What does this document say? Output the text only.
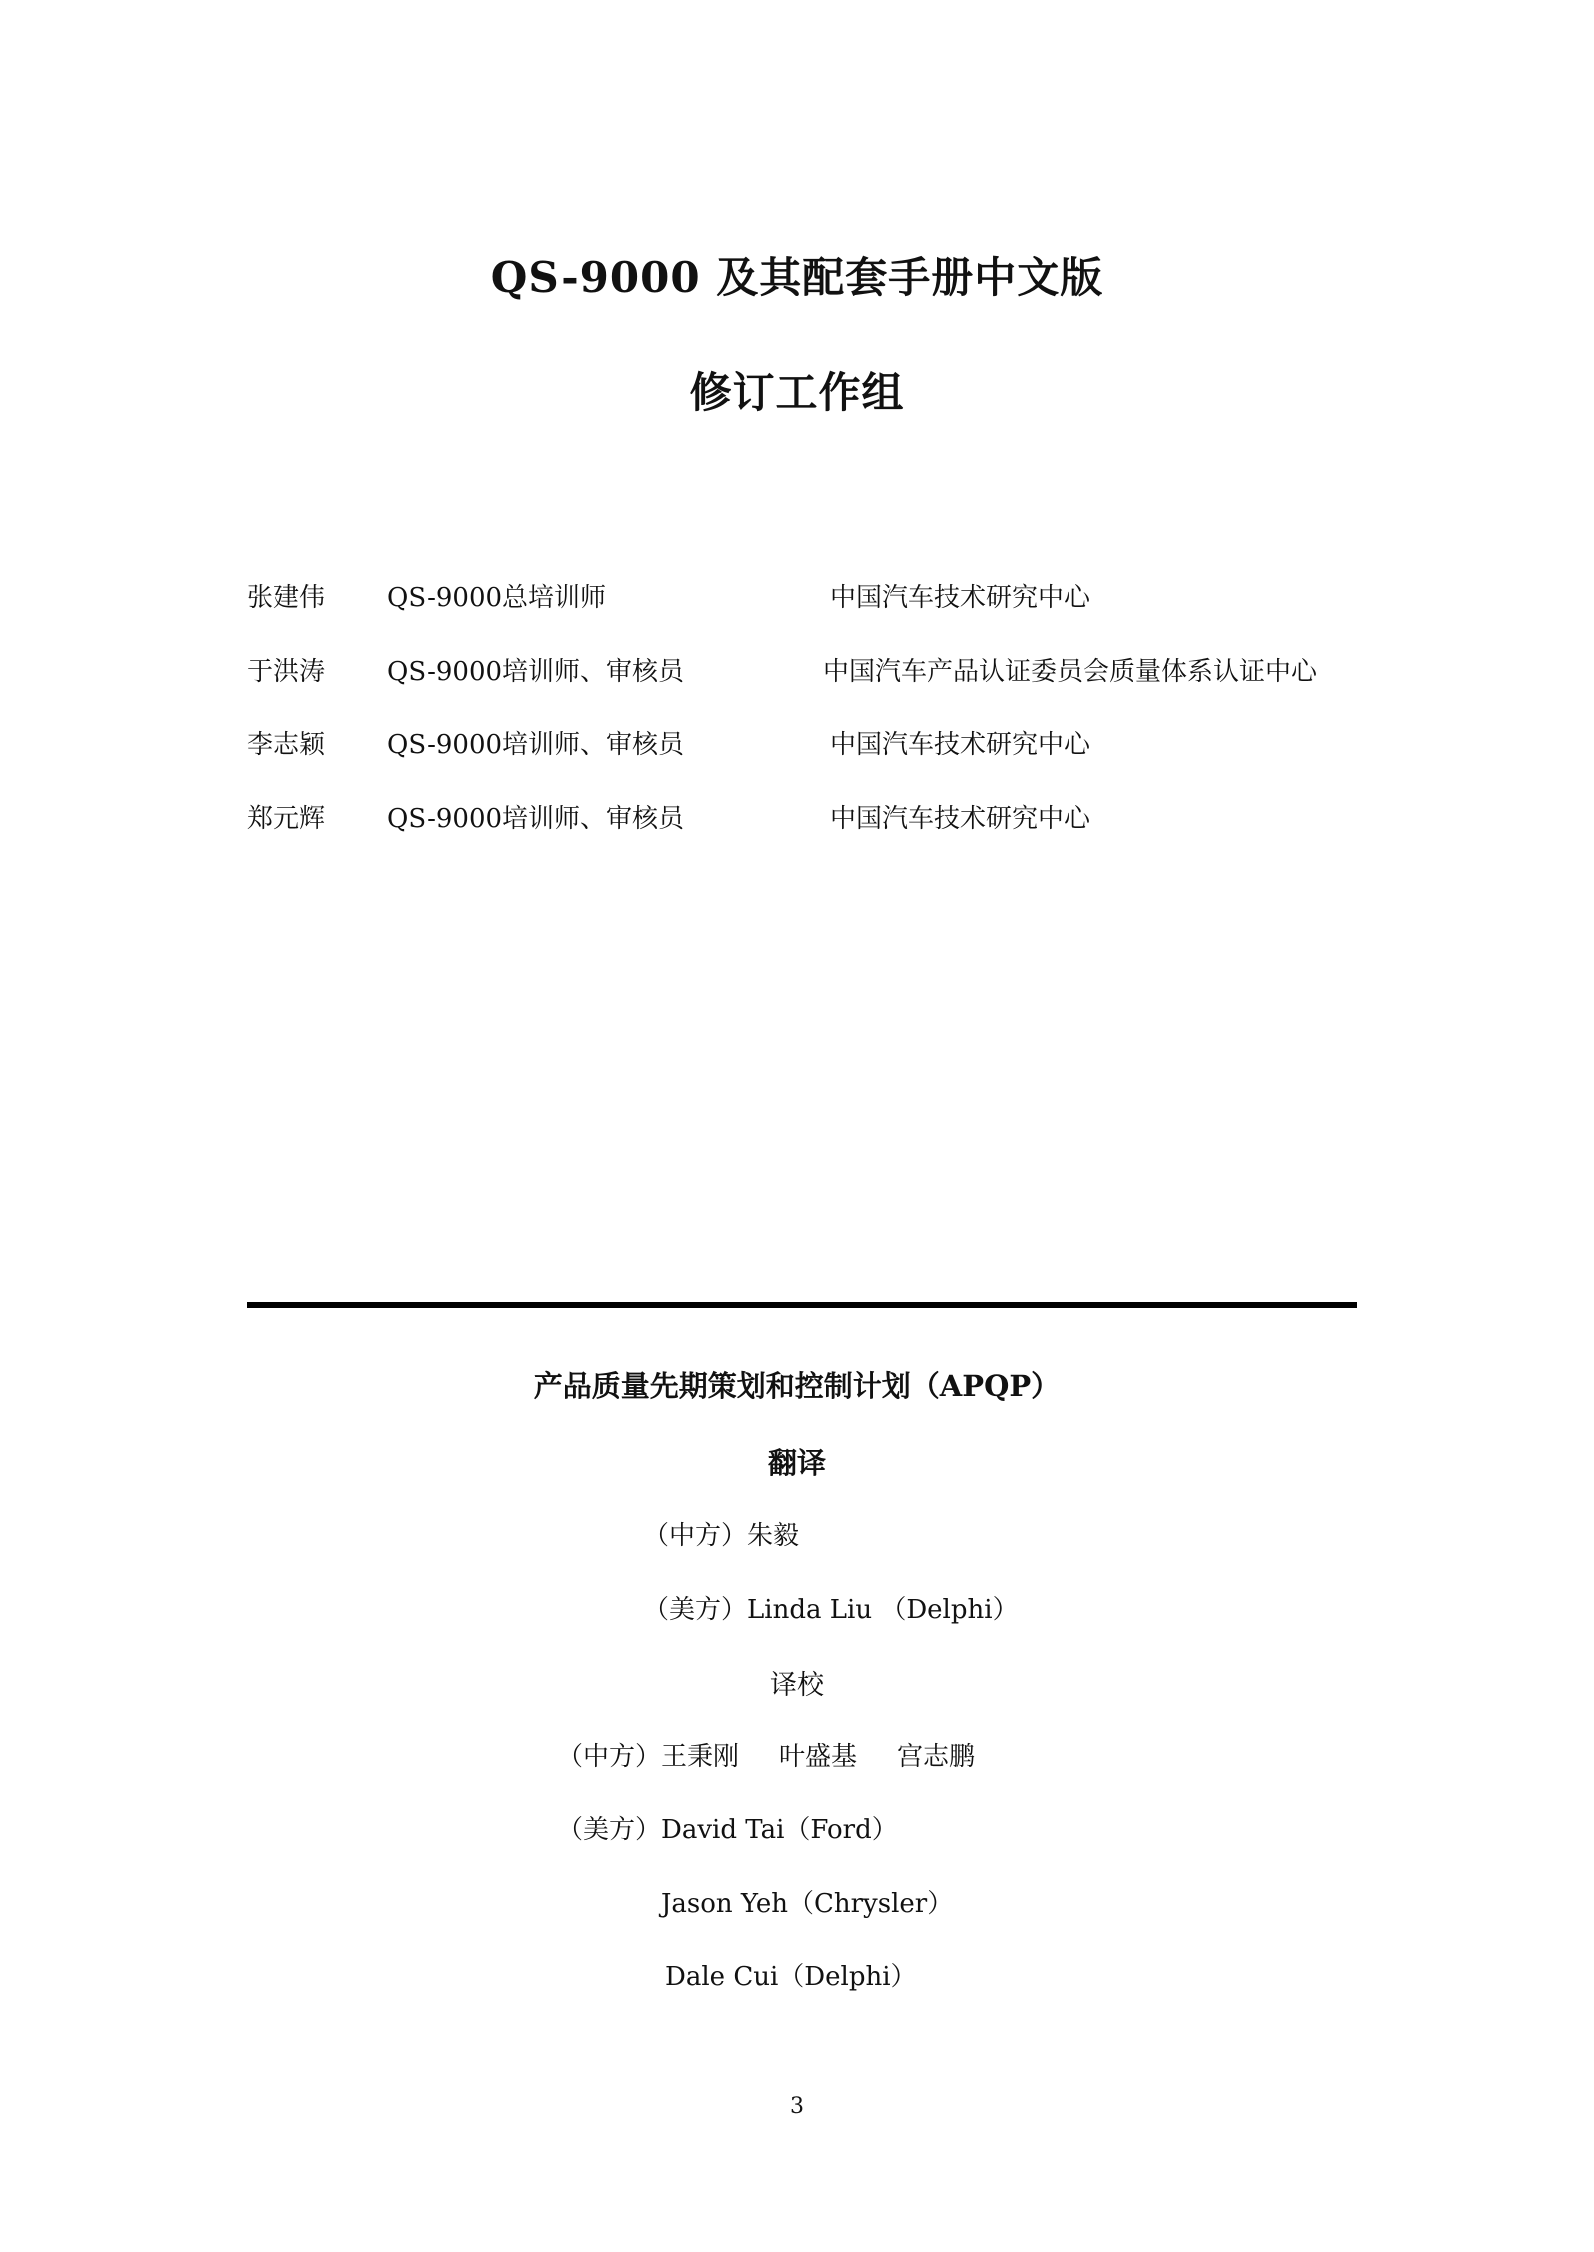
QS-9000 及其配套手册中文版
修订工作组
张建伟 QS-9000总培训师	中国汽车技术研究中心
于洪涛 QS-9000培训师、审核员	中国汽车产品认证委员会质量体系认证中心
李志颖 QS-9000培训师、审核员	中国汽车技术研究中心
郑元辉 QS-9000培训师、审核员	中国汽车技术研究中心
产品质量先期策划和控制计划（APQP）
翻译
（中方）朱毅
（美方）Linda Liu （Delphi）
译校
（中方）王秉刚 叶盛基 宫志鹏
（美方）David Tai（Ford）
Jason Yeh（Chrysler）
Dale Cui（Delphi）
3
